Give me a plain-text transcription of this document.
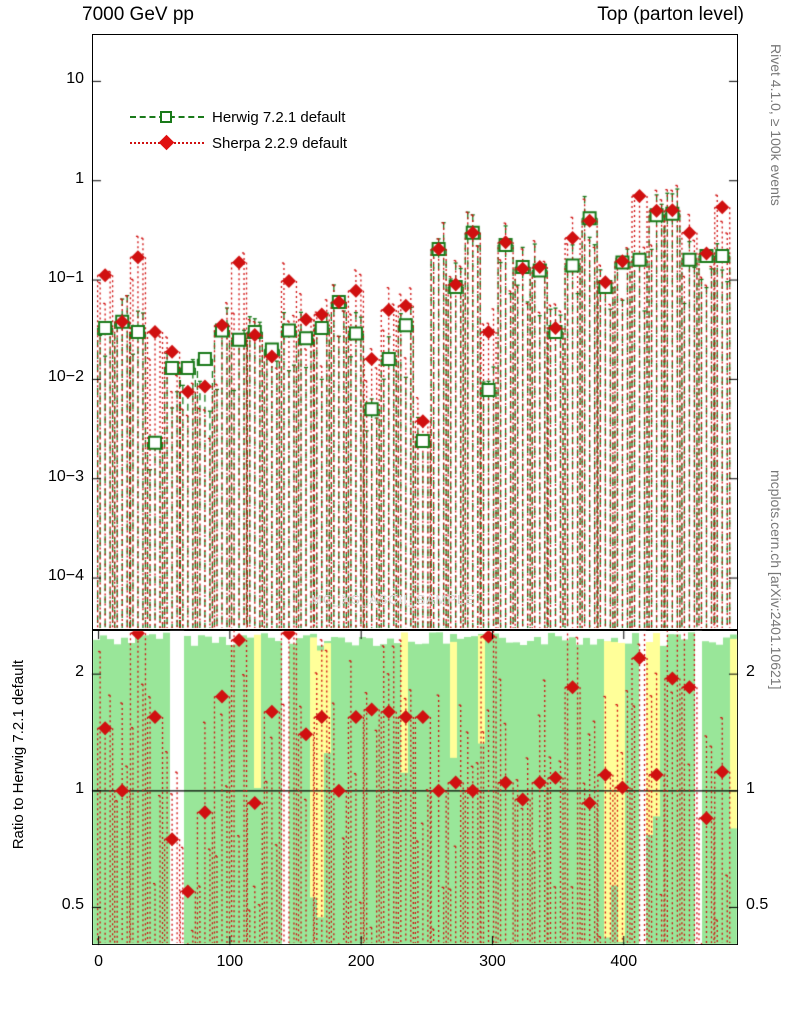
Herwig 7.2.1 default
Sherpa 2.2.9 default
MC_XS_ASCII_SAMPLE
Rivet 4.1.0, ≥ 100k events
mcplots.cern.ch [arXiv:2401.10621]
Ratio to Herwig 7.2.1 default
10
1
10−1
10−2
10−3
10−4
2	2
1	1
0.5	0.5
0	100	200	300	400
